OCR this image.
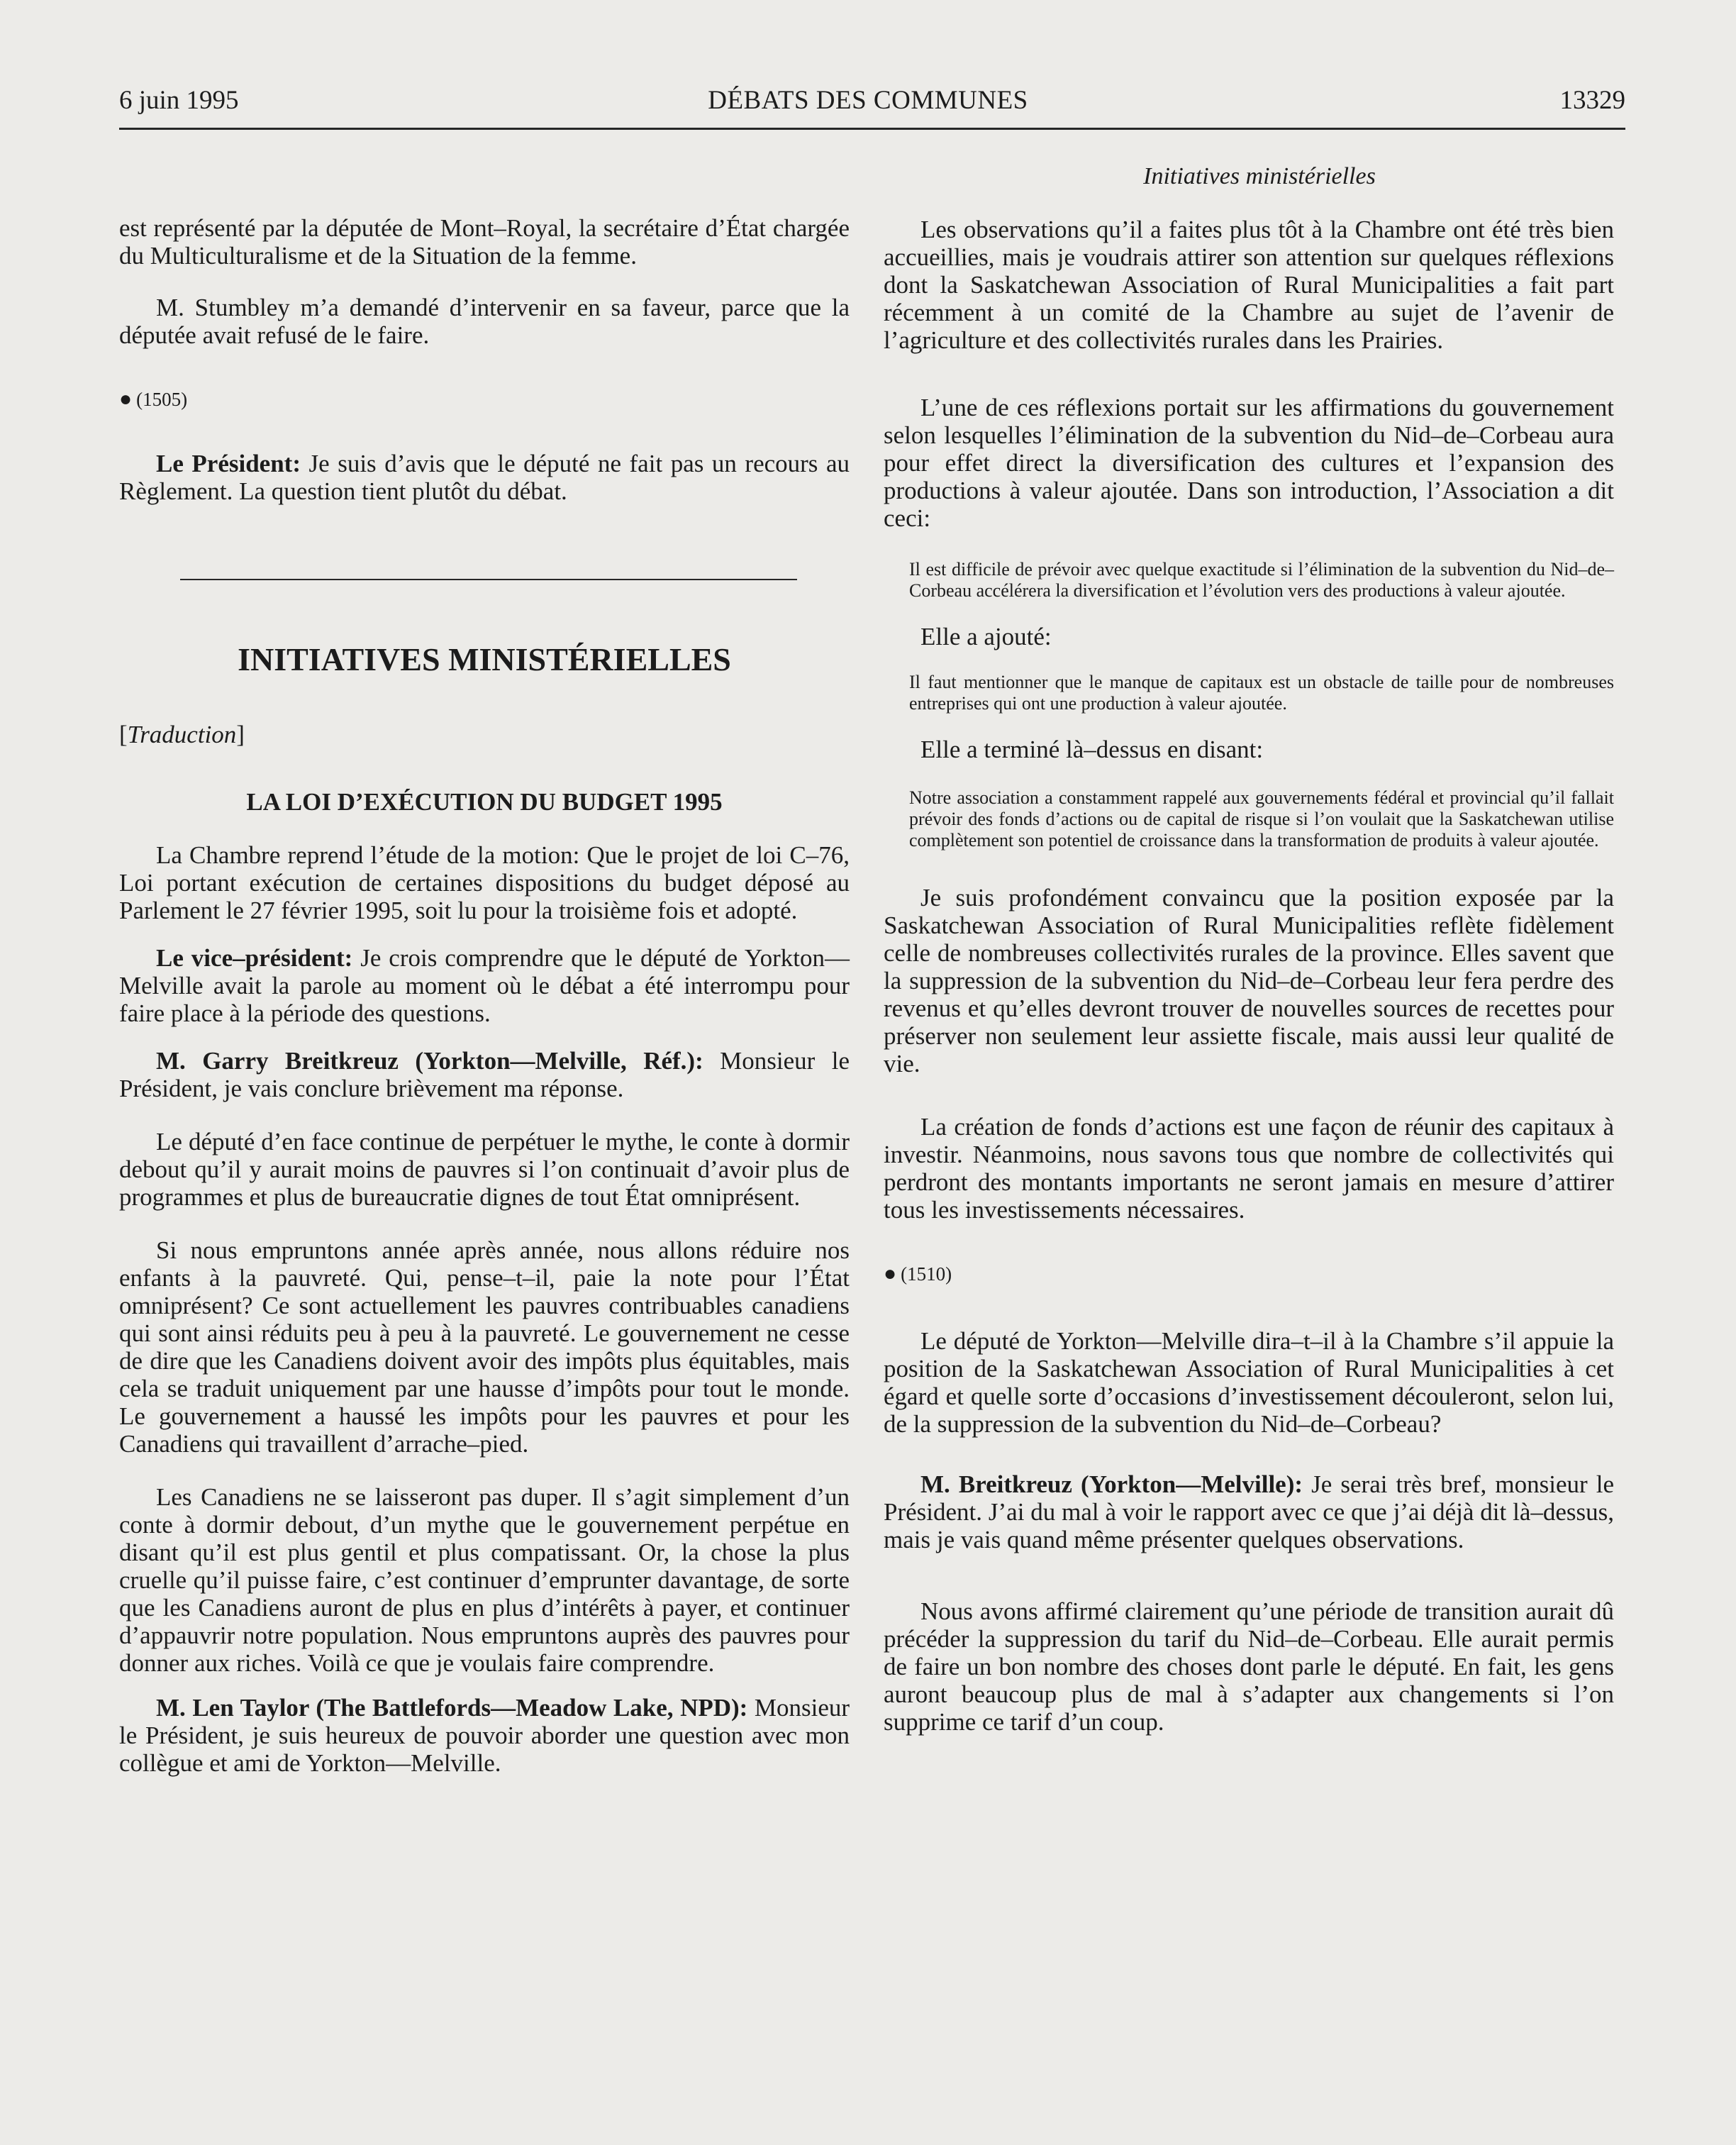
6 juin 1995	DÉBATS DES COMMUNES	13329
Initiatives ministérielles

est représenté par la députée de Mont–Royal, la secrétaire d’État chargée du Multiculturalisme et de la Situation de la femme.

M. Stumbley m’a demandé d’intervenir en sa faveur, parce que la députée avait refusé de le faire.

● (1505)

Le Président: Je suis d’avis que le député ne fait pas un recours au Règlement. La question tient plutôt du débat.

INITIATIVES MINISTÉRIELLES

[Traduction]

LA LOI D’EXÉCUTION DU BUDGET 1995

La Chambre reprend l’étude de la motion: Que le projet de loi C–76, Loi portant exécution de certaines dispositions du budget déposé au Parlement le 27 février 1995, soit lu pour la troisième fois et adopté.

Le vice–président: Je crois comprendre que le député de Yorkton—Melville avait la parole au moment où le débat a été interrompu pour faire place à la période des questions.

M. Garry Breitkreuz (Yorkton—Melville, Réf.): Monsieur le Président, je vais conclure brièvement ma réponse.

Le député d’en face continue de perpétuer le mythe, le conte à dormir debout qu’il y aurait moins de pauvres si l’on continuait d’avoir plus de programmes et plus de bureaucratie dignes de tout État omniprésent.

Si nous empruntons année après année, nous allons réduire nos enfants à la pauvreté. Qui, pense–t–il, paie la note pour l’État omniprésent? Ce sont actuellement les pauvres contribuables canadiens qui sont ainsi réduits peu à peu à la pauvreté. Le gouvernement ne cesse de dire que les Canadiens doivent avoir des impôts plus équitables, mais cela se traduit uniquement par une hausse d’impôts pour tout le monde. Le gouvernement a haussé les impôts pour les pauvres et pour les Canadiens qui travaillent d’arrache–pied.

Les Canadiens ne se laisseront pas duper. Il s’agit simplement d’un conte à dormir debout, d’un mythe que le gouvernement perpétue en disant qu’il est plus gentil et plus compatissant. Or, la chose la plus cruelle qu’il puisse faire, c’est continuer d’emprunter davantage, de sorte que les Canadiens auront de plus en plus d’intérêts à payer, et continuer d’appauvrir notre population. Nous empruntons auprès des pauvres pour donner aux riches. Voilà ce que je voulais faire comprendre.

M. Len Taylor (The Battlefords—Meadow Lake, NPD): Monsieur le Président, je suis heureux de pouvoir aborder une question avec mon collègue et ami de Yorkton—Melville.

Les observations qu’il a faites plus tôt à la Chambre ont été très bien accueillies, mais je voudrais attirer son attention sur quelques réflexions dont la Saskatchewan Association of Rural Municipalities a fait part récemment à un comité de la Chambre au sujet de l’avenir de l’agriculture et des collectivités rurales dans les Prairies.

L’une de ces réflexions portait sur les affirmations du gouvernement selon lesquelles l’élimination de la subvention du Nid–de–Corbeau aura pour effet direct la diversification des cultures et l’expansion des productions à valeur ajoutée. Dans son introduction, l’Association a dit ceci:

Il est difficile de prévoir avec quelque exactitude si l’élimination de la subvention du Nid–de–Corbeau accélérera la diversification et l’évolution vers des productions à valeur ajoutée.

Elle a ajouté:

Il faut mentionner que le manque de capitaux est un obstacle de taille pour de nombreuses entreprises qui ont une production à valeur ajoutée.

Elle a terminé là–dessus en disant:

Notre association a constamment rappelé aux gouvernements fédéral et provincial qu’il fallait prévoir des fonds d’actions ou de capital de risque si l’on voulait que la Saskatchewan utilise complètement son potentiel de croissance dans la transformation de produits à valeur ajoutée.

Je suis profondément convaincu que la position exposée par la Saskatchewan Association of Rural Municipalities reflète fidèlement celle de nombreuses collectivités rurales de la province. Elles savent que la suppression de la subvention du Nid–de–Corbeau leur fera perdre des revenus et qu’elles devront trouver de nouvelles sources de recettes pour préserver non seulement leur assiette fiscale, mais aussi leur qualité de vie.

La création de fonds d’actions est une façon de réunir des capitaux à investir. Néanmoins, nous savons tous que nombre de collectivités qui perdront des montants importants ne seront jamais en mesure d’attirer tous les investissements nécessaires.

● (1510)

Le député de Yorkton—Melville dira–t–il à la Chambre s’il appuie la position de la Saskatchewan Association of Rural Municipalities à cet égard et quelle sorte d’occasions d’investissement découleront, selon lui, de la suppression de la subvention du Nid–de–Corbeau?

M. Breitkreuz (Yorkton—Melville): Je serai très bref, monsieur le Président. J’ai du mal à voir le rapport avec ce que j’ai déjà dit là–dessus, mais je vais quand même présenter quelques observations.

Nous avons affirmé clairement qu’une période de transition aurait dû précéder la suppression du tarif du Nid–de–Corbeau. Elle aurait permis de faire un bon nombre des choses dont parle le député. En fait, les gens auront beaucoup plus de mal à s’adapter aux changements si l’on supprime ce tarif d’un coup.
